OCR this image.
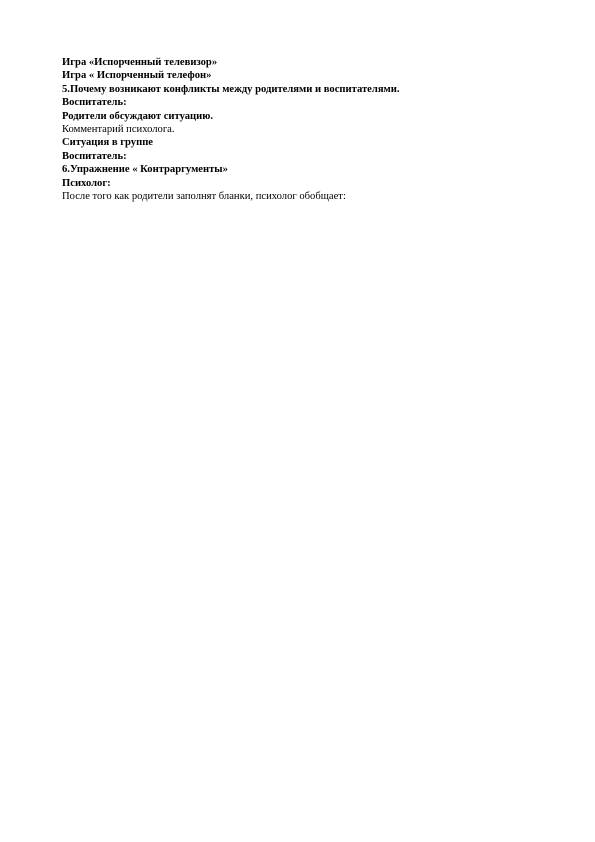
Игра «Испорченный телевизор»

Игра « Испорченный телефон»

5.Почему возникают конфликты между родителями и воспитателями.

Воспитатель:

Родители обсуждают ситуацию.

Комментарий психолога.

Ситуация в группе

Воспитатель:

6.Упражнение « Контраргументы»

Психолог:

После того как родители заполнят бланки, психолог обобщает:
